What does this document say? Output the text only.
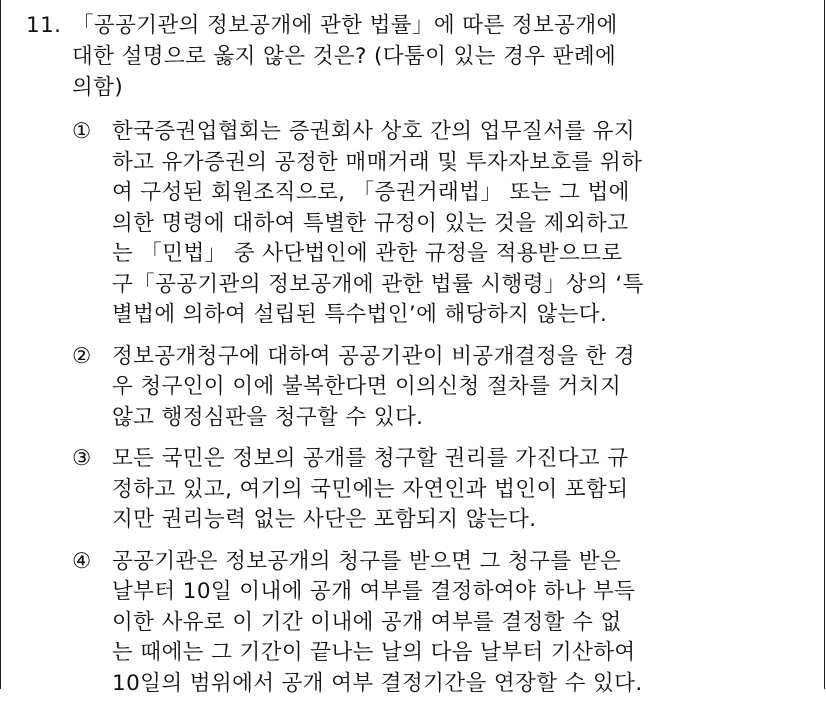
11. 「공공기관의 정보공개에 관한 법률」에 따른 정보공개에
대한 설명으로 옳지 않은 것은? (다툼이 있는 경우 판례에
의함)
① 한국증권업협회는 증권회사 상호 간의 업무질서를 유지
하고 유가증권의 공정한 매매거래 및 투자자보호를 위하
여 구성된 회원조직으로, 「증권거래법」 또는 그 법에
의한 명령에 대하여 특별한 규정이 있는 것을 제외하고
는 「민법」 중 사단법인에 관한 규정을 적용받으므로
구「공공기관의 정보공개에 관한 법률 시행령」상의 ‘특
별법에 의하여 설립된 특수법인’에 해당하지 않는다.
② 정보공개청구에 대하여 공공기관이 비공개결정을 한 경
우 청구인이 이에 불복한다면 이의신청 절차를 거치지
않고 행정심판을 청구할 수 있다.
③ 모든 국민은 정보의 공개를 청구할 권리를 가진다고 규
정하고 있고, 여기의 국민에는 자연인과 법인이 포함되
지만 권리능력 없는 사단은 포함되지 않는다.
④ 공공기관은 정보공개의 청구를 받으면 그 청구를 받은
날부터 10일 이내에 공개 여부를 결정하여야 하나 부득
이한 사유로 이 기간 이내에 공개 여부를 결정할 수 없
는 때에는 그 기간이 끝나는 날의 다음 날부터 기산하여
10일의 범위에서 공개 여부 결정기간을 연장할 수 있다.
